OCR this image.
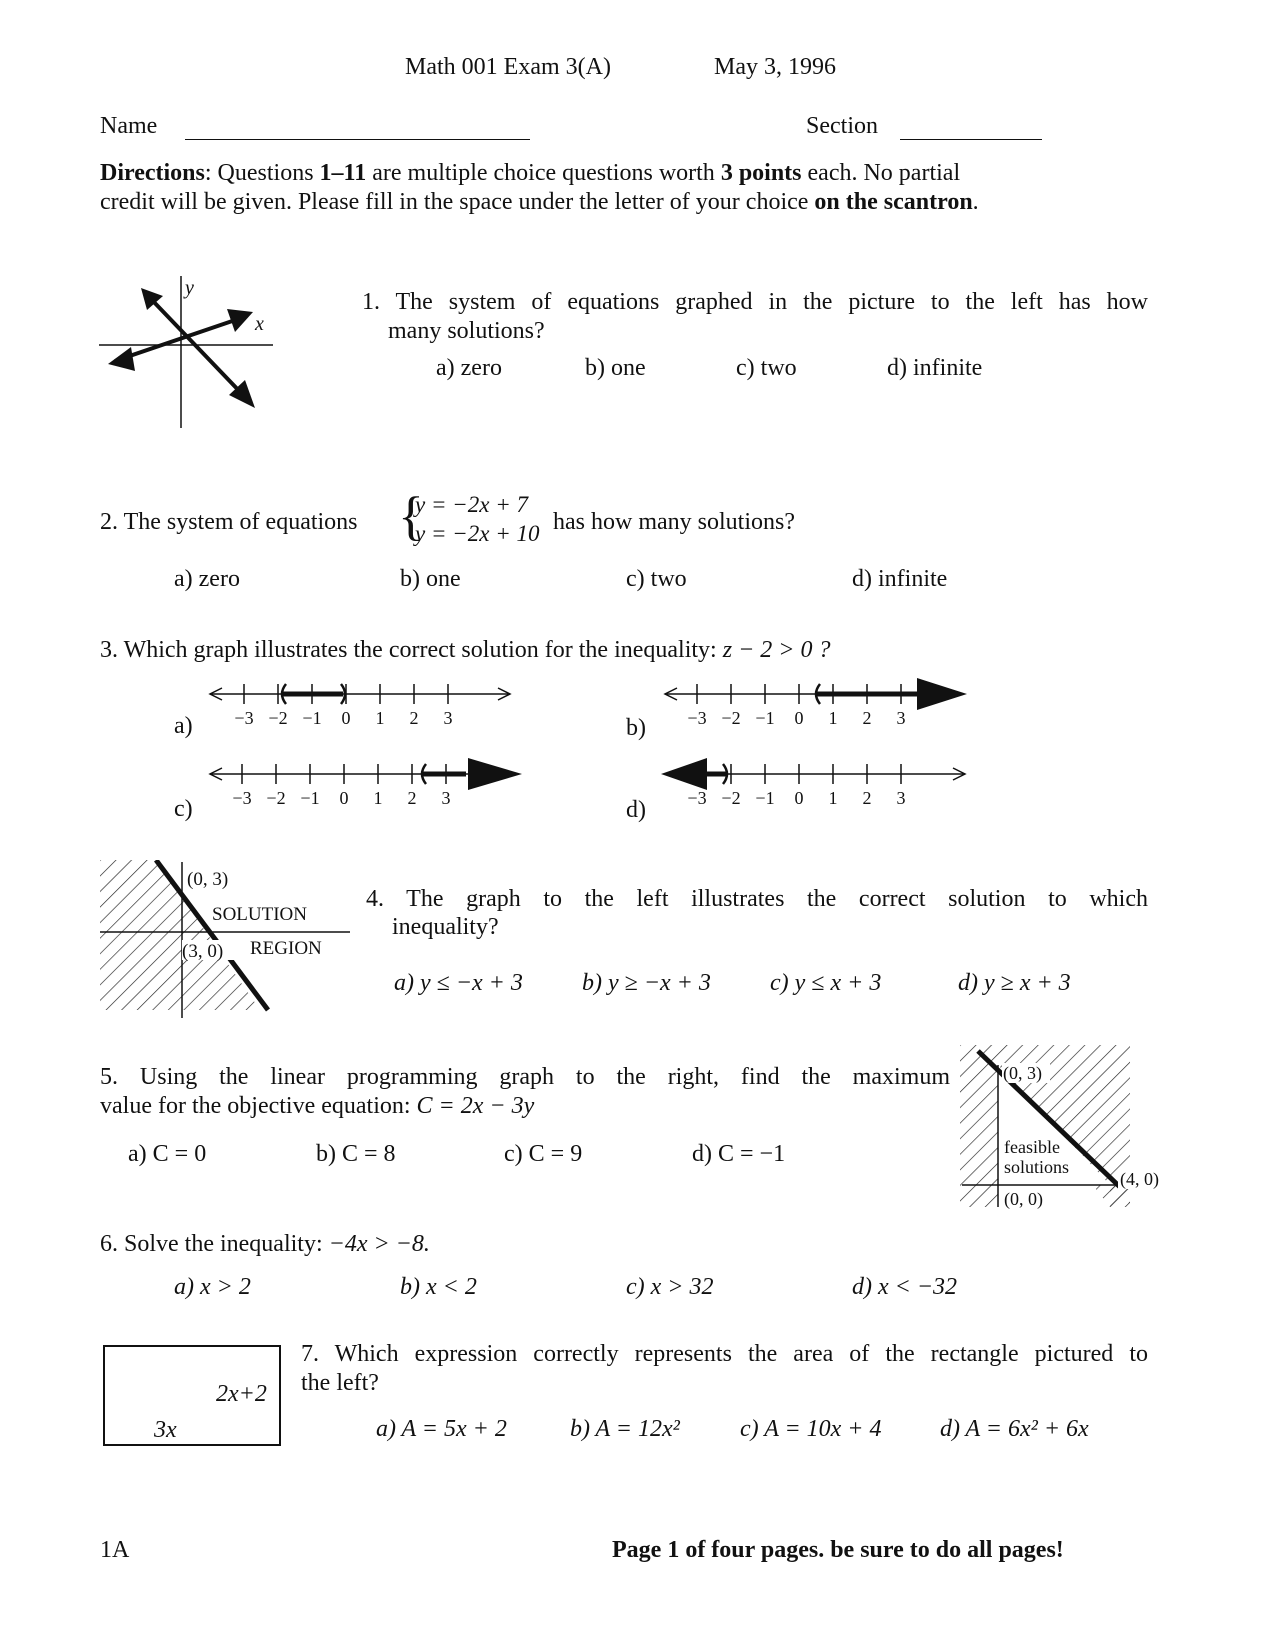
Math 001 Exam 3(A)	May 3, 1996
Name	Section
Directions: Questions 1–11 are multiple choice questions worth 3 points each. No partial
credit will be given. Please fill in the space under the letter of your choice on the scantron.
y
x
1. The system of equations graphed in the picture to the left has how
many solutions?
a) zero	b) one	c) two	d) infinite
2. The system of equations {
y = −2x + 7
y = −2x + 10 has how many solutions?
a) zero	b) one	c) two	d) infinite
3. Which graph illustrates the correct solution for the inequality: z − 2 > 0 ?
a) −3 −2 −1 0 1 2 3	b) −3 −2 −1 0 1 2 3
c) −3 −2 −1 0 1 2 3	d) −3 −2 −1 0 1 2 3
(0, 3)
SOLUTION
(3, 0) REGION
4. The graph to the left illustrates the correct solution to which
inequality?
a) y ≤ −x + 3 b) y ≥ −x + 3 c) y ≤ x + 3	d) y ≥ x + 3
5. Using the linear programming graph to the right, find the maximum
value for the objective equation: C = 2x − 3y
a) C = 0	b) C = 8	c) C = 9	d) C = −1
(0, 3)
feasible
solutions
(4, 0)
(0, 0)
6. Solve the inequality: −4x > −8.
a) x > 2	b) x < 2	c) x > 32	d) x < −32
2x+2
3x
7. Which expression correctly represents the area of the rectangle pictured to
the left?
a) A = 5x + 2	b) A = 12x²	c) A = 10x + 4 d) A = 6x² + 6x
1A	Page 1 of four pages. be sure to do all pages!
